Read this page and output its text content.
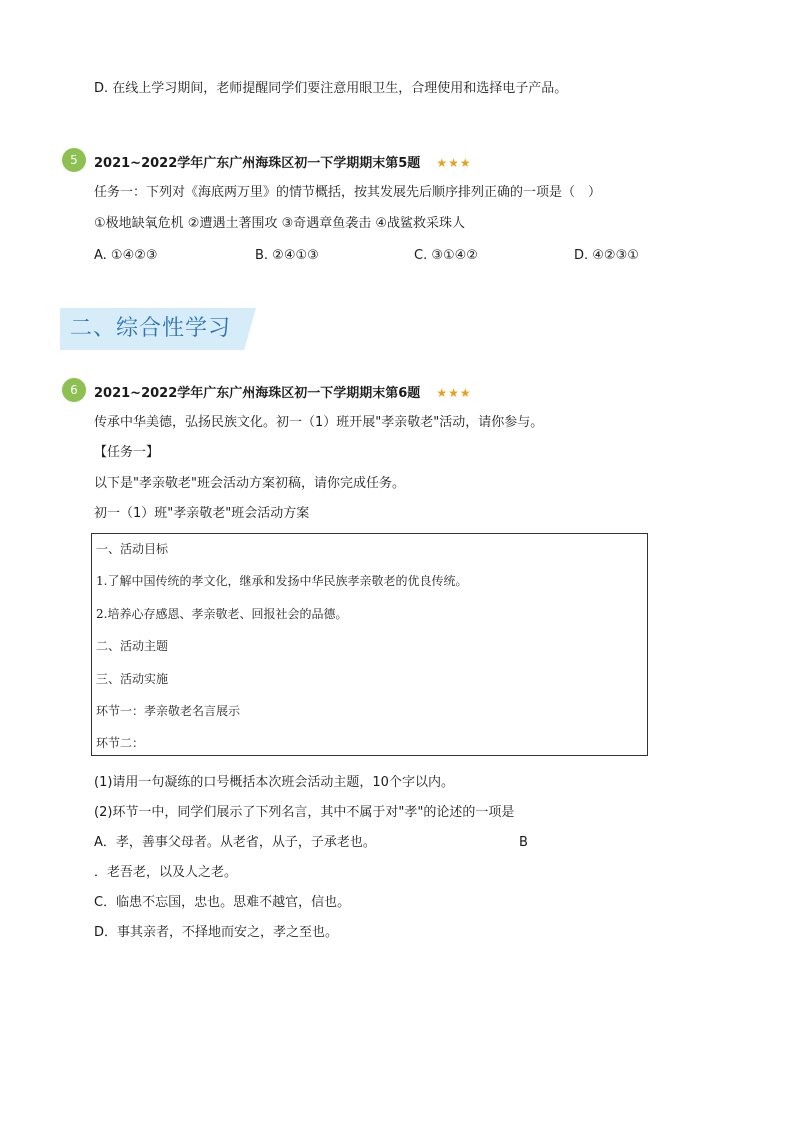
D. 在线上学习期间，老师提醒同学们要注意用眼卫生，合理使用和选择电子产品。
5	2021~2022学年广东广州海珠区初一下学期期末第5题 ★★★
任务一：下列对《海底两万里》的情节概括，按其发展先后顺序排列正确的一项是（　）
①极地缺氧危机 ②遭遇土著围攻 ③奇遇章鱼袭击 ④战鲨救采珠人
A. ①④②③	B. ②④①③	C. ③①④②	D. ④②③①
二、综合性学习
6	2021~2022学年广东广州海珠区初一下学期期末第6题 ★★★
传承中华美德，弘扬民族文化。初一（1）班开展"孝亲敬老"活动，请你参与。
【任务一】
以下是"孝亲敬老"班会活动方案初稿，请你完成任务。
初一（1）班"孝亲敬老"班会活动方案
一、活动目标
1.了解中国传统的孝文化，继承和发扬中华民族孝亲敬老的优良传统。
2.培养心存感恩、孝亲敬老、回报社会的品德。
二、活动主题
三、活动实施
环节一：孝亲敬老名言展示
环节二：
(1)请用一句凝练的口号概括本次班会活动主题，10个字以内。
(2)环节一中，同学们展示了下列名言，其中不属于对"孝"的论述的一项是
A．孝，善事父母者。从老省，从子，子承老也。	B
．老吾老，以及人之老。
C．临患不忘国，忠也。思难不越官，信也。
D．事其亲者，不择地而安之，孝之至也。
